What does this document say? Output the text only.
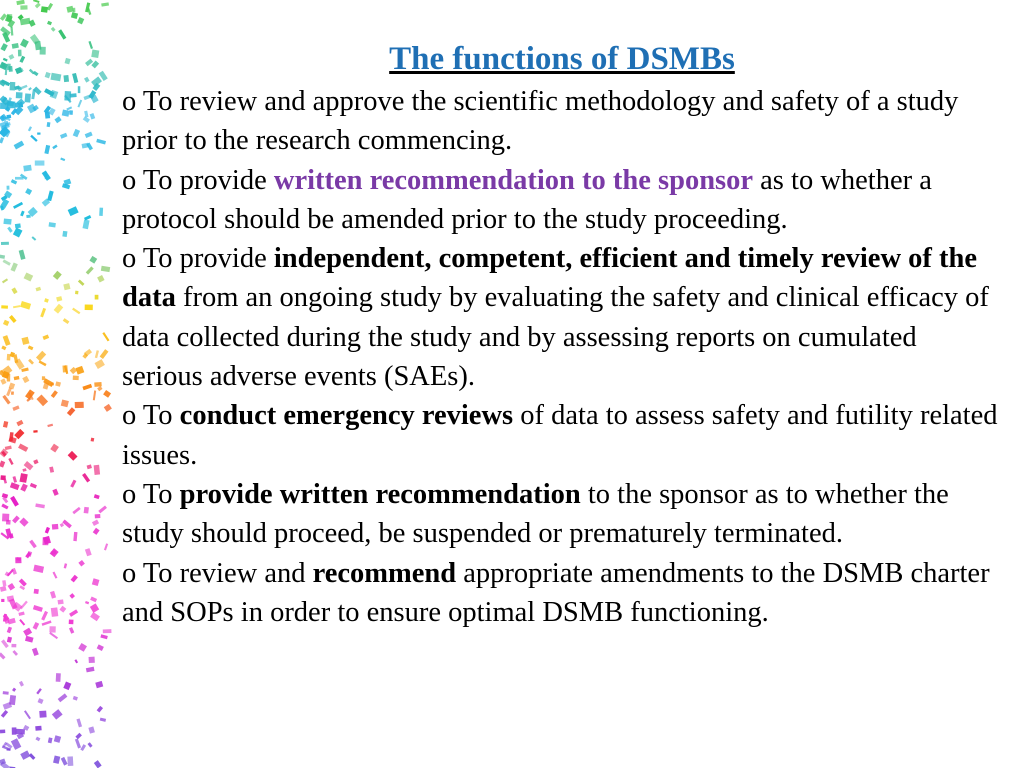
The functions of DSMBs
o To review and approve the scientific methodology and safety of a study prior to the research commencing.
o To provide written recommendation to the sponsor as to whether a protocol should be amended prior to the study proceeding.
o To provide independent, competent, efficient and timely review of the data from an ongoing study by evaluating the safety and clinical efficacy of data collected during the study and by assessing reports on cumulated serious adverse events (SAEs).
o To conduct emergency reviews of data to assess safety and futility related issues.
o To provide written recommendation to the sponsor as to whether the study should proceed, be suspended or prematurely terminated.
o To review and recommend appropriate amendments to the DSMB charter and SOPs in order to ensure optimal DSMB functioning.
